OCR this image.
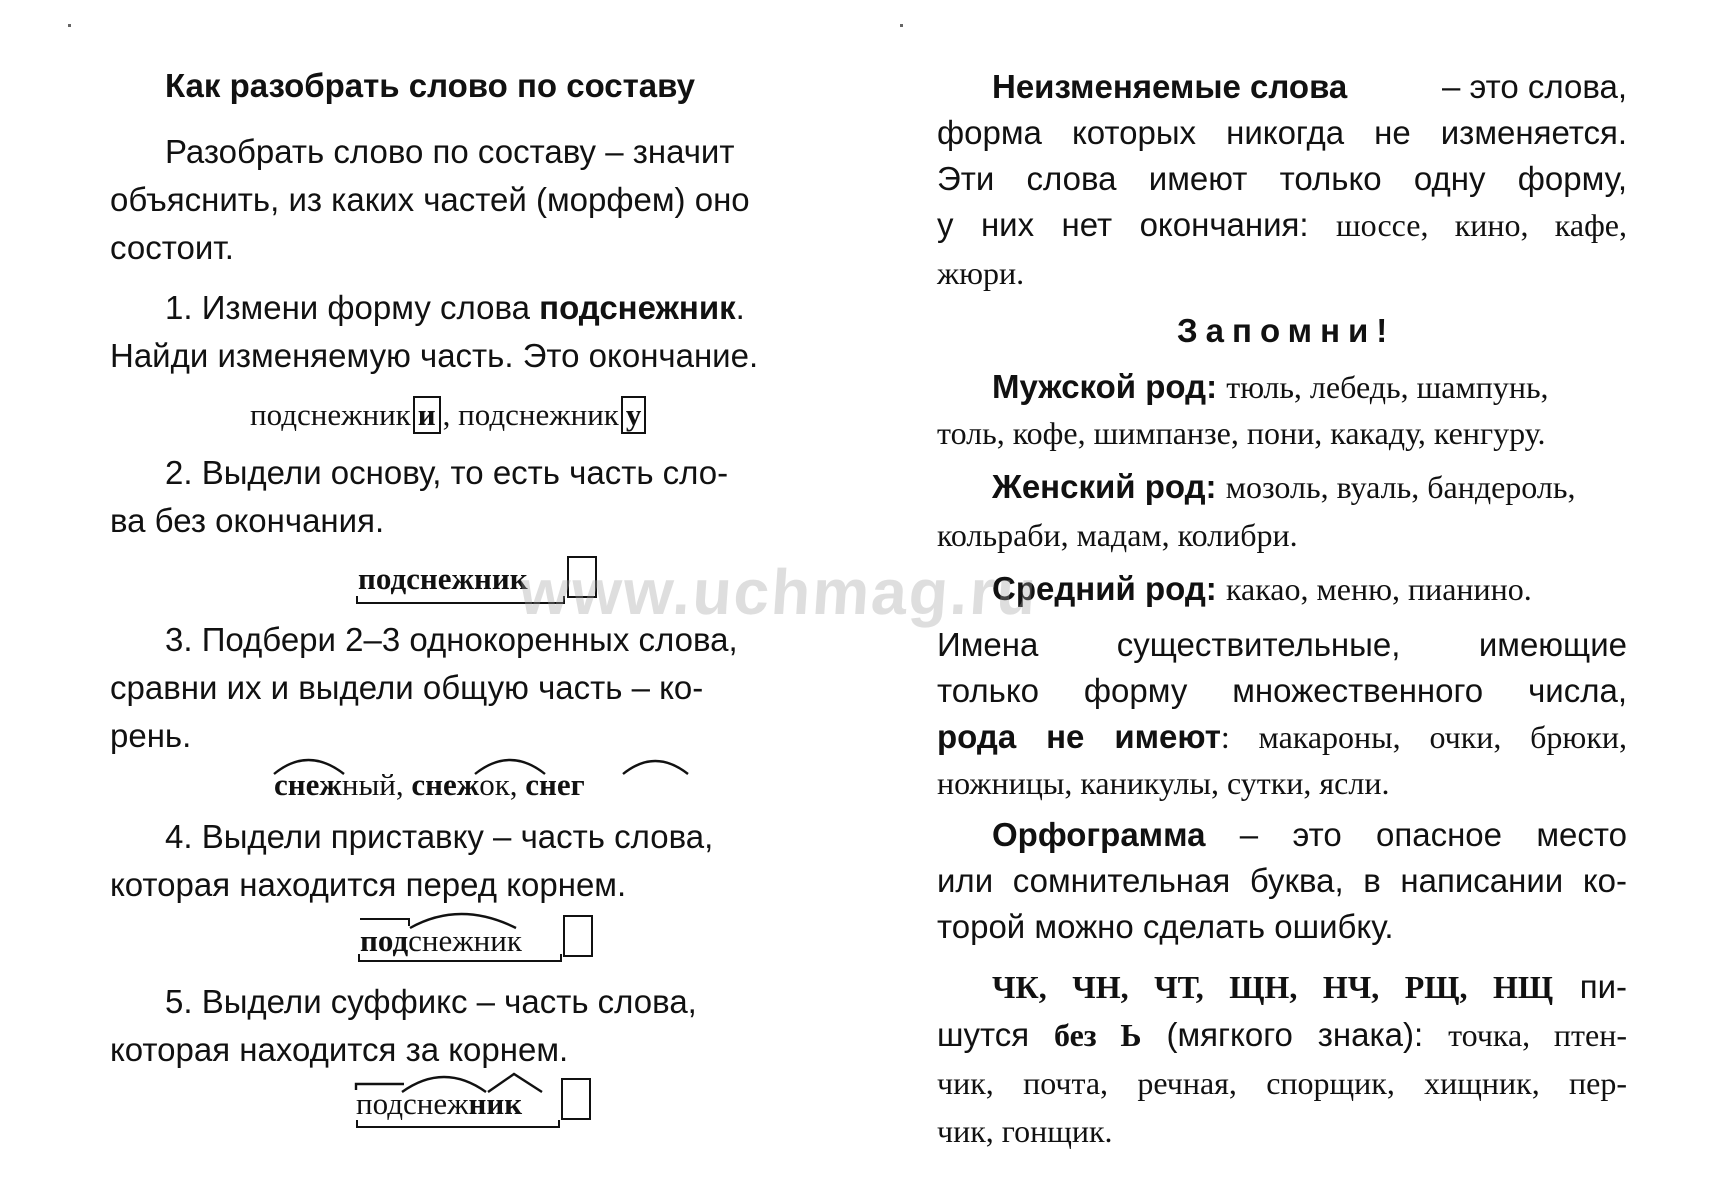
Как разобрать слово по составу
Разобрать слово по составу – значит
объяснить, из каких частей (морфем) оно
состоит.
1. Измени форму слова подснежник.
Найди изменяемую часть. Это окончание.
подснежник и , подснежник у
2. Выдели основу, то есть часть сло-
ва без окончания.
подснежник
3. Подбери 2–3 однокоренных слова,
сравни их и выдели общую часть – ко-
рень.
снежный, снежок, снег
4. Выдели приставку – часть слова,
которая находится перед корнем.
подснежник
5. Выдели суффикс – часть слова,
которая находится за корнем.
подснежник
Неизменяемые слова	– это слова,
форма которых никогда не изменяется.
Эти слова имеют только одну форму,
у них нет окончания: шоссе, кино, кафе,
жюри.
Запомни!
Мужской род: тюль, лебедь, шампунь,
толь, кофе, шимпанзе, пони, какаду, кенгуру.
Женский род: мозоль, вуаль, бандероль,
кольраби, мадам, колибри.
Средний род: какао, меню, пианино.
Имена существительные, имеющие
только форму множественного числа,
рода не имеют: макароны, очки, брюки,
ножницы, каникулы, сутки, ясли.
Орфограмма – это опасное место
или сомнительная буква, в написании ко-
торой можно сделать ошибку.
ЧК, ЧН, ЧТ, ЩН, НЧ, РЩ, НЩ пи-
шутся без Ь (мягкого знака): точка, птен-
чик, почта, речная, спорщик, хищник, пер-
чик, гонщик.
www.uchmag.ru
